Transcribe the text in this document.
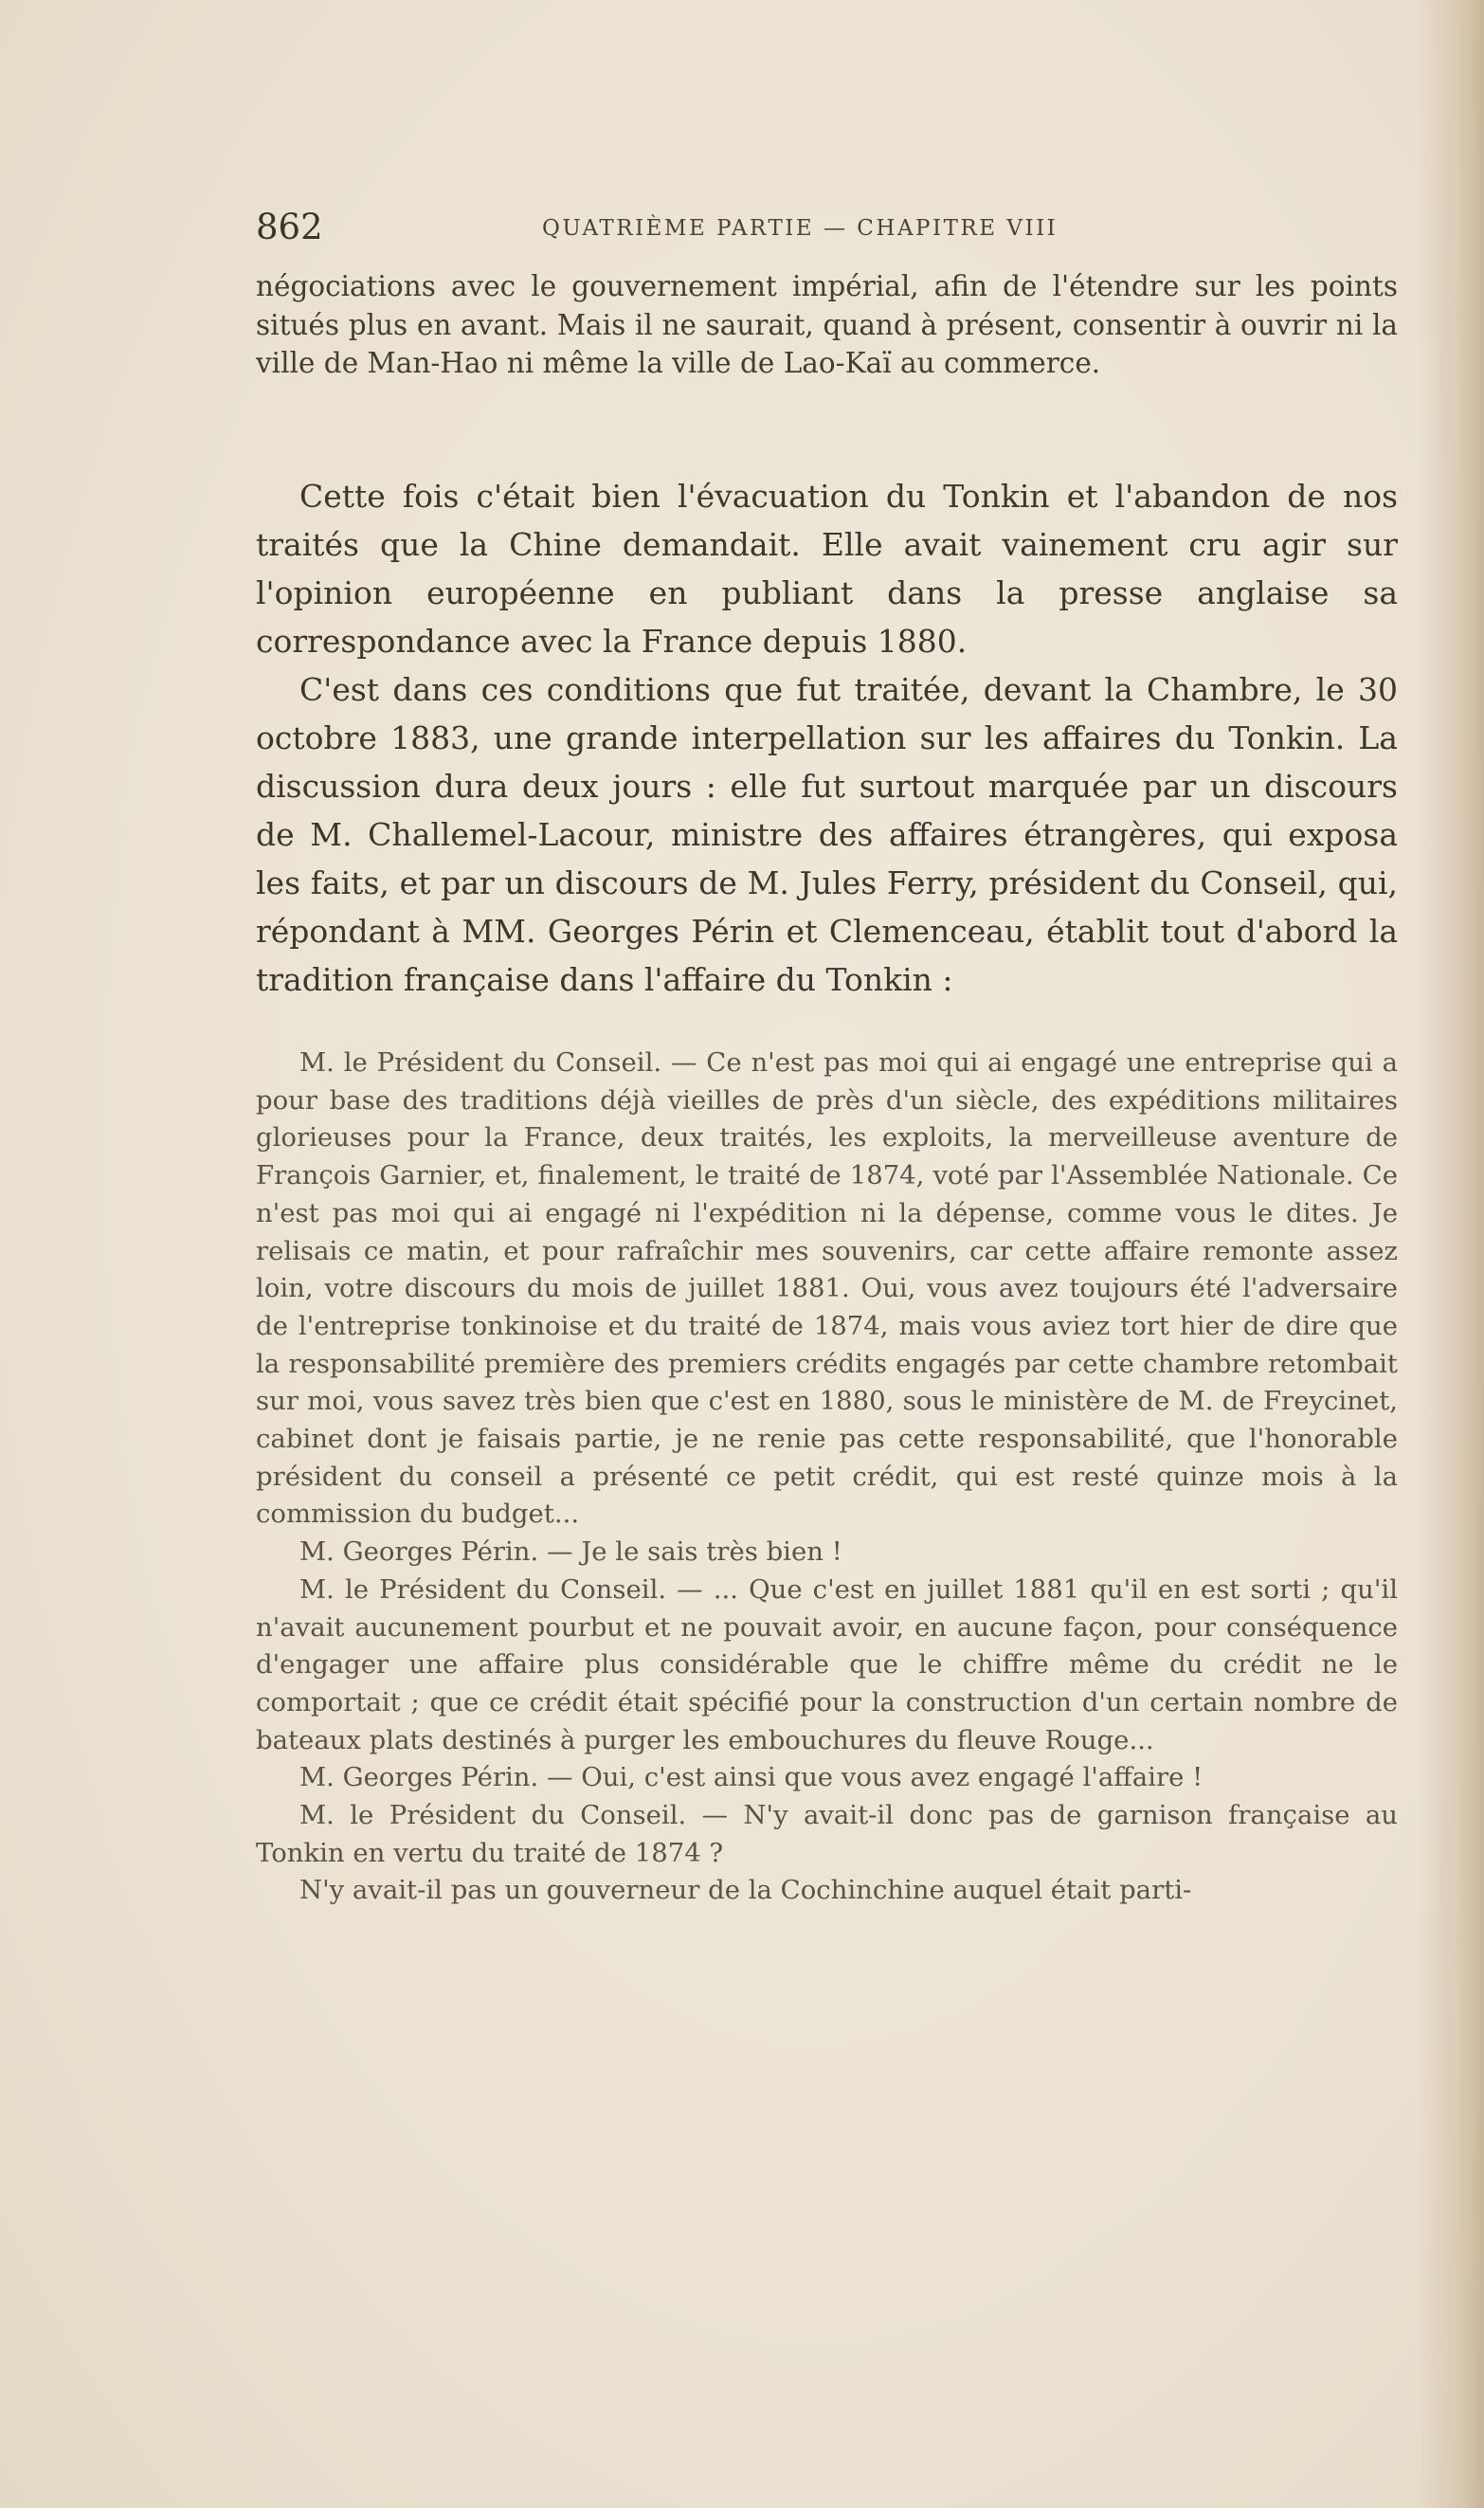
862	QUATRIÈME PARTIE — CHAPITRE VIII

négociations avec le gouvernement impérial, afin de l'étendre sur les points situés plus en avant. Mais il ne saurait, quand à présent, consentir à ouvrir ni la ville de Man-Hao ni même la ville de Lao-Kaï au commerce.

Cette fois c'était bien l'évacuation du Tonkin et l'abandon de nos traités que la Chine demandait. Elle avait vainement cru agir sur l'opinion européenne en publiant dans la presse anglaise sa correspondance avec la France depuis 1880.

C'est dans ces conditions que fut traitée, devant la Chambre, le 30 octobre 1883, une grande interpellation sur les affaires du Tonkin. La discussion dura deux jours : elle fut surtout marquée par un discours de M. Challemel-Lacour, ministre des affaires étrangères, qui exposa les faits, et par un discours de M. Jules Ferry, président du Conseil, qui, répondant à MM. Georges Périn et Clemenceau, établit tout d'abord la tradition française dans l'affaire du Tonkin :

M. le Président du Conseil. — Ce n'est pas moi qui ai engagé une entreprise qui a pour base des traditions déjà vieilles de près d'un siècle, des expéditions militaires glorieuses pour la France, deux traités, les exploits, la merveilleuse aventure de François Garnier, et, finalement, le traité de 1874, voté par l'Assemblée Nationale. Ce n'est pas moi qui ai engagé ni l'expédition ni la dépense, comme vous le dites. Je relisais ce matin, et pour rafraîchir mes souvenirs, car cette affaire remonte assez loin, votre discours du mois de juillet 1881. Oui, vous avez toujours été l'adversaire de l'entreprise tonkinoise et du traité de 1874, mais vous aviez tort hier de dire que la responsabilité première des premiers crédits engagés par cette chambre retombait sur moi, vous savez très bien que c'est en 1880, sous le ministère de M. de Freycinet, cabinet dont je faisais partie, je ne renie pas cette responsabilité, que l'honorable président du conseil a présenté ce petit crédit, qui est resté quinze mois à la commission du budget...

M. Georges Périn. — Je le sais très bien !

M. le Président du Conseil. — ... Que c'est en juillet 1881 qu'il en est sorti ; qu'il n'avait aucunement pourbut et ne pouvait avoir, en aucune façon, pour conséquence d'engager une affaire plus considérable que le chiffre même du crédit ne le comportait ; que ce crédit était spécifié pour la construction d'un certain nombre de bateaux plats destinés à purger les embouchures du fleuve Rouge...

M. Georges Périn. — Oui, c'est ainsi que vous avez engagé l'affaire !

M. le Président du Conseil. — N'y avait-il donc pas de garnison française au Tonkin en vertu du traité de 1874 ?

N'y avait-il pas un gouverneur de la Cochinchine auquel était parti-
